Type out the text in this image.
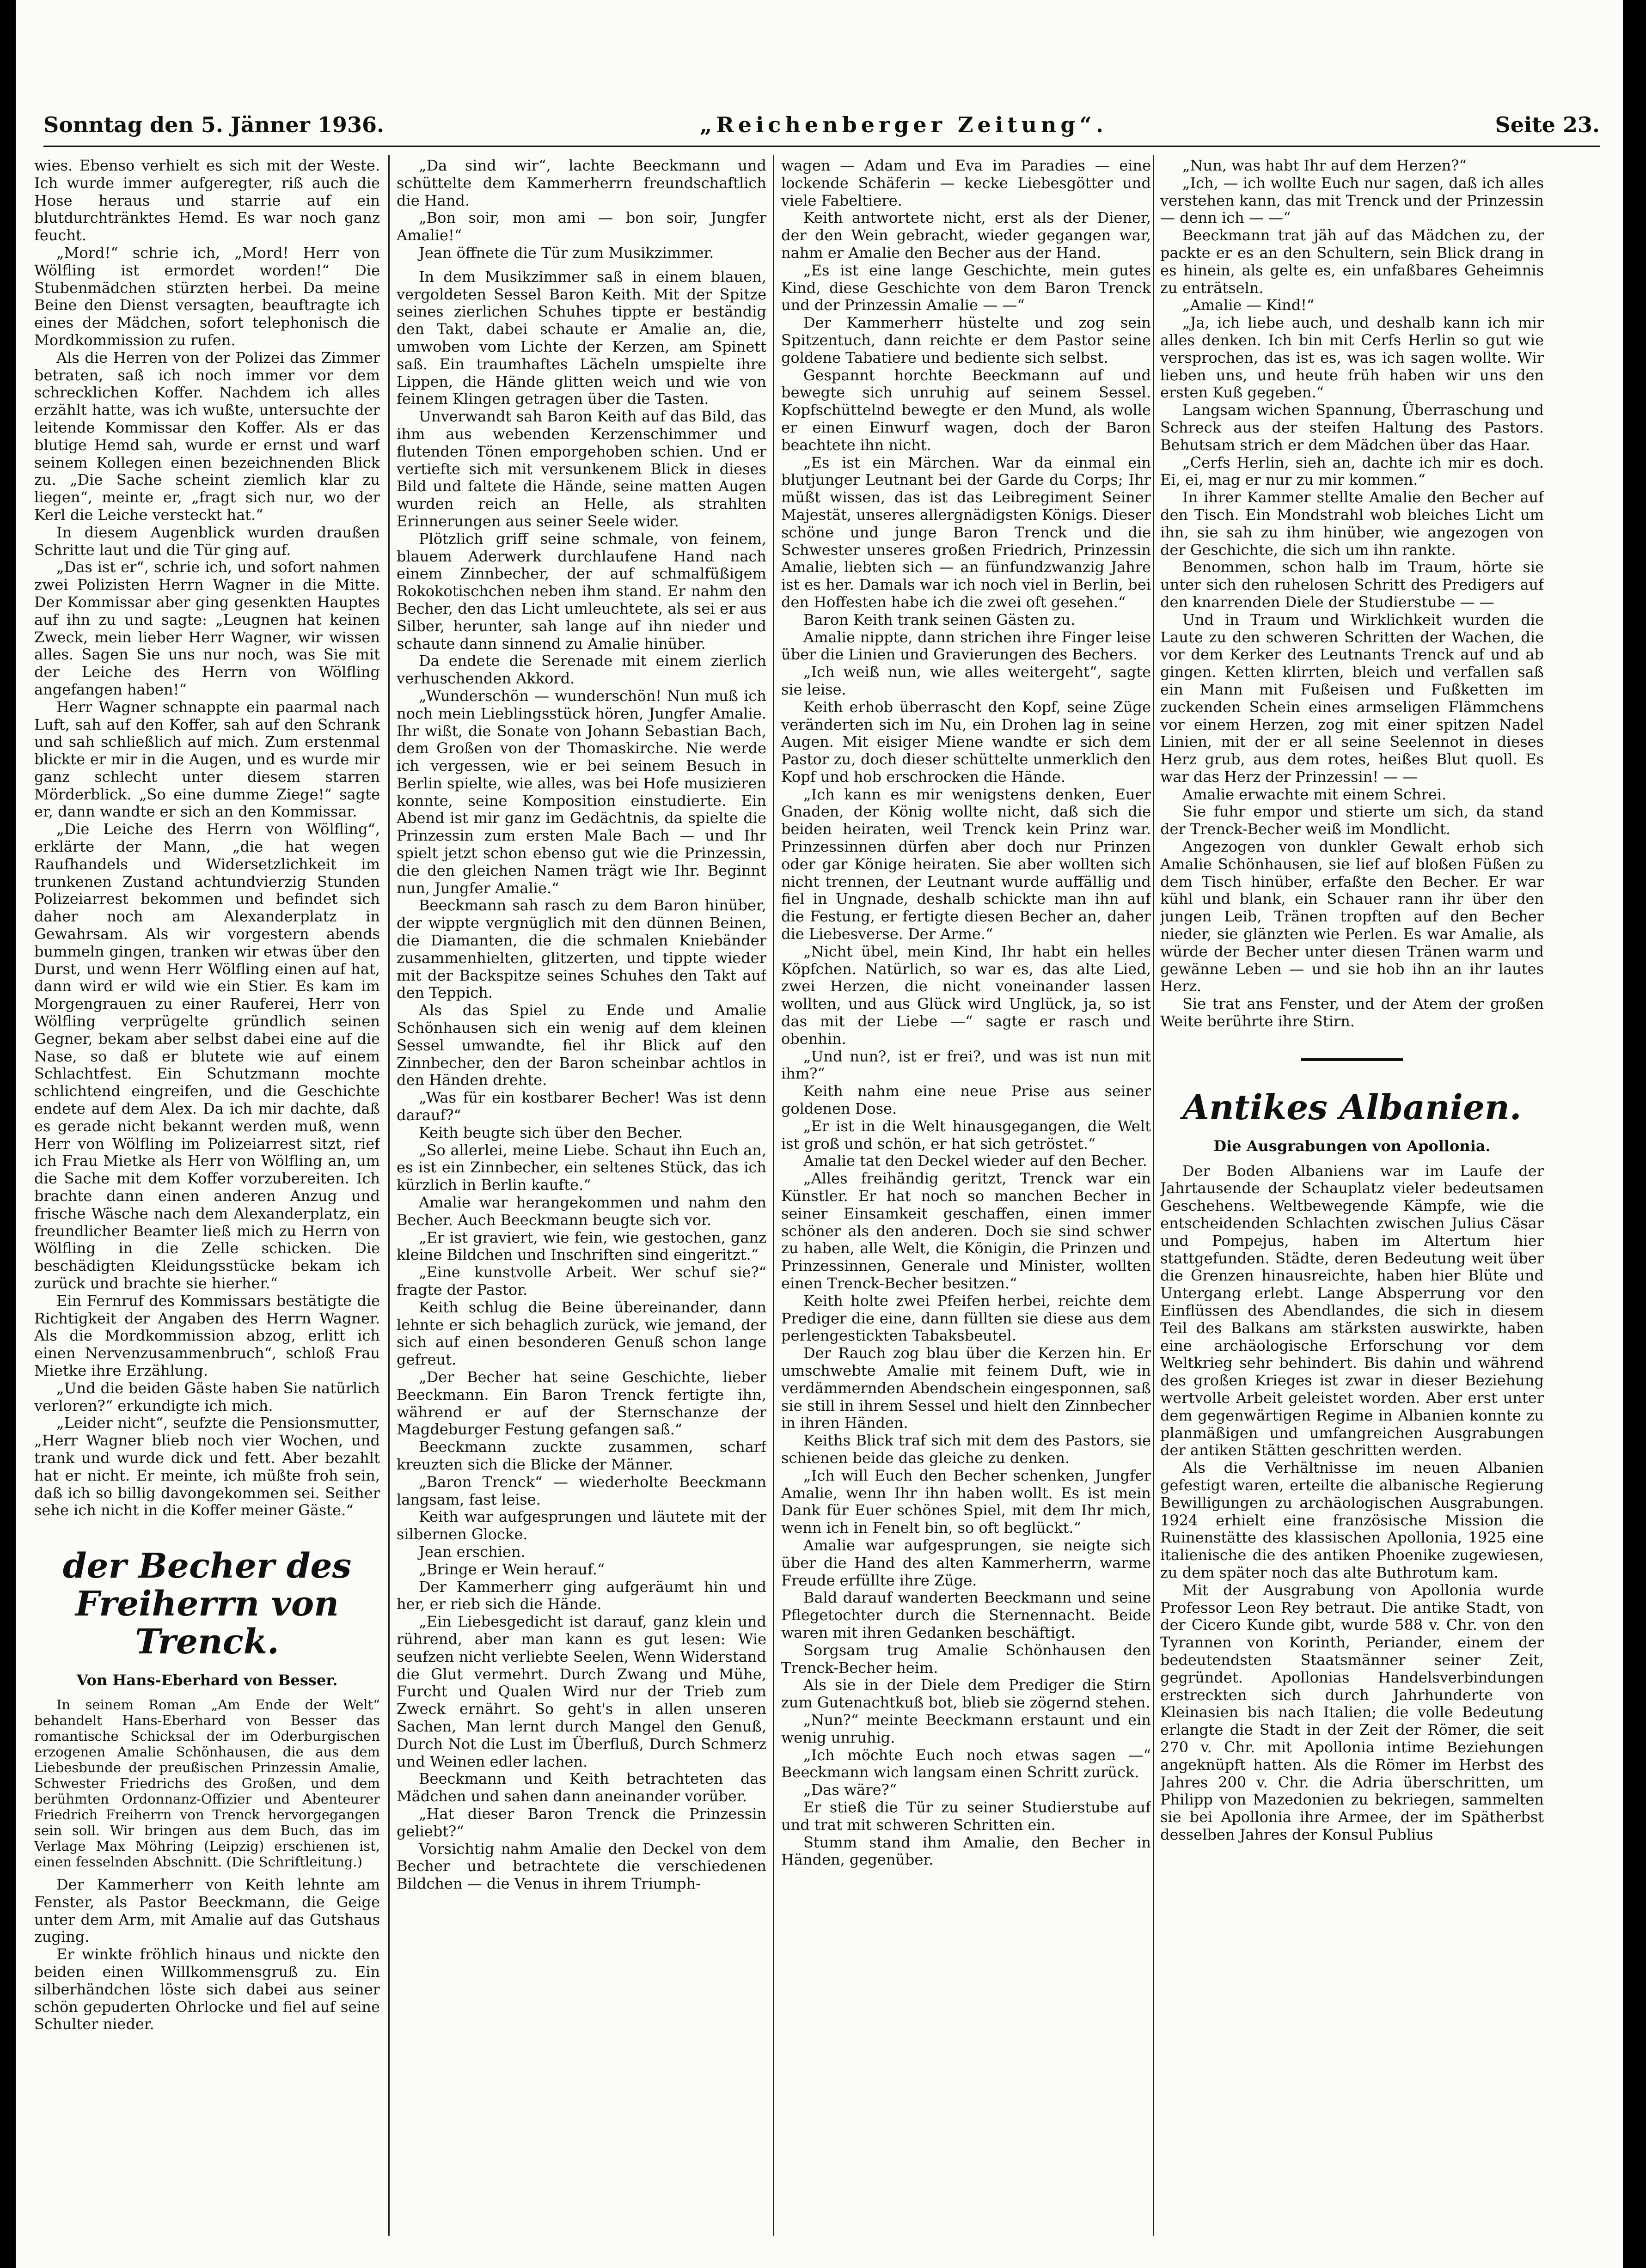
Sonntag den 5. Jänner 1936.	„Reichenberger Zeitung“.	Seite 23.

wies. Ebenso verhielt es sich mit der Weste. Ich wurde immer aufgeregter, riß auch die Hose heraus und starrie auf ein blutdurchtränktes Hemd. Es war noch ganz feucht.

„Mord!“ schrie ich, „Mord! Herr von Wölfling ist ermordet worden!“ Die Stubenmädchen stürzten herbei. Da meine Beine den Dienst versagten, beauftragte ich eines der Mädchen, sofort telephonisch die Mordkommission zu rufen.

Als die Herren von der Polizei das Zimmer betraten, saß ich noch immer vor dem schrecklichen Koffer. Nachdem ich alles erzählt hatte, was ich wußte, untersuchte der leitende Kommissar den Koffer. Als er das blutige Hemd sah, wurde er ernst und warf seinem Kollegen einen bezeichnenden Blick zu. „Die Sache scheint ziemlich klar zu liegen“, meinte er, „fragt sich nur, wo der Kerl die Leiche versteckt hat.“

In diesem Augenblick wurden draußen Schritte laut und die Tür ging auf.

„Das ist er“, schrie ich, und sofort nahmen zwei Polizisten Herrn Wagner in die Mitte. Der Kommissar aber ging gesenkten Hauptes auf ihn zu und sagte: „Leugnen hat keinen Zweck, mein lieber Herr Wagner, wir wissen alles. Sagen Sie uns nur noch, was Sie mit der Leiche des Herrn von Wölfling angefangen haben!“

Herr Wagner schnappte ein paarmal nach Luft, sah auf den Koffer, sah auf den Schrank und sah schließlich auf mich. Zum erstenmal blickte er mir in die Augen, und es wurde mir ganz schlecht unter diesem starren Mörderblick. „So eine dumme Ziege!“ sagte er, dann wandte er sich an den Kommissar.

„Die Leiche des Herrn von Wölfling“, erklärte der Mann, „die hat wegen Raufhandels und Widersetzlichkeit im trunkenen Zustand achtundvierzig Stunden Polizeiarrest bekommen und befindet sich daher noch am Alexanderplatz in Gewahrsam. Als wir vorgestern abends bummeln gingen, tranken wir etwas über den Durst, und wenn Herr Wölfling einen auf hat, dann wird er wild wie ein Stier. Es kam im Morgengrauen zu einer Rauferei, Herr von Wölfling verprügelte gründlich seinen Gegner, bekam aber selbst dabei eine auf die Nase, so daß er blutete wie auf einem Schlachtfest. Ein Schutzmann mochte schlichtend eingreifen, und die Geschichte endete auf dem Alex. Da ich mir dachte, daß es gerade nicht bekannt werden muß, wenn Herr von Wölfling im Polizeiarrest sitzt, rief ich Frau Mietke als Herr von Wölfling an, um die Sache mit dem Koffer vorzubereiten. Ich brachte dann einen anderen Anzug und frische Wäsche nach dem Alexanderplatz, ein freundlicher Beamter ließ mich zu Herrn von Wölfling in die Zelle schicken. Die beschädigten Kleidungsstücke bekam ich zurück und brachte sie hierher.“

Ein Fernruf des Kommissars bestätigte die Richtigkeit der Angaben des Herrn Wagner. Als die Mordkommission abzog, erlitt ich einen Nervenzusammenbruch“, schloß Frau Mietke ihre Erzählung.

„Und die beiden Gäste haben Sie natürlich verloren?“ erkundigte ich mich.

„Leider nicht“, seufzte die Pensionsmutter, „Herr Wagner blieb noch vier Wochen, und trank und wurde dick und fett. Aber bezahlt hat er nicht. Er meinte, ich müßte froh sein, daß ich so billig davongekommen sei. Seither sehe ich nicht in die Koffer meiner Gäste.“

der Becher des Freiherrn von Trenck.
Von Hans-Eberhard von Besser.

In seinem Roman „Am Ende der Welt“ behandelt Hans-Eberhard von Besser das romantische Schicksal der im Oderburgischen erzogenen Amalie Schönhausen, die aus dem Liebesbunde der preußischen Prinzessin Amalie, Schwester Friedrichs des Großen, und dem berühmten Ordonnanz-Offizier und Abenteurer Friedrich Freiherrn von Trenck hervorgegangen sein soll. Wir bringen aus dem Buch, das im Verlage Max Möhring (Leipzig) erschienen ist, einen fesselnden Abschnitt. (Die Schriftleitung.)

Der Kammerherr von Keith lehnte am Fenster, als Pastor Beeckmann, die Geige unter dem Arm, mit Amalie auf das Gutshaus zuging.

Er winkte fröhlich hinaus und nickte den beiden einen Willkommensgruß zu. Ein silberhändchen löste sich dabei aus seiner schön gepuderten Ohrlocke und fiel auf seine Schulter nieder.

„Da sind wir“, lachte Beeckmann und schüttelte dem Kammerherrn freundschaftlich die Hand.

„Bon soir, mon ami — bon soir, Jungfer Amalie!“

Jean öffnete die Tür zum Musikzimmer.

In dem Musikzimmer saß in einem blauen, vergoldeten Sessel Baron Keith. Mit der Spitze seines zierlichen Schuhes tippte er beständig den Takt, dabei schaute er Amalie an, die, umwoben vom Lichte der Kerzen, am Spinett saß. Ein traumhaftes Lächeln umspielte ihre Lippen, die Hände glitten weich und wie von feinem Klingen getragen über die Tasten.

Unverwandt sah Baron Keith auf das Bild, das ihm aus webenden Kerzenschimmer und flutenden Tönen emporgehoben schien. Und er vertiefte sich mit versunkenem Blick in dieses Bild und faltete die Hände, seine matten Augen wurden reich an Helle, als strahlten Erinnerungen aus seiner Seele wider.

Plötzlich griff seine schmale, von feinem, blauem Aderwerk durchlaufene Hand nach einem Zinnbecher, der auf schmalfüßigem Rokokotischchen neben ihm stand. Er nahm den Becher, den das Licht umleuchtete, als sei er aus Silber, herunter, sah lange auf ihn nieder und schaute dann sinnend zu Amalie hinüber.

Da endete die Serenade mit einem zierlich verhuschenden Akkord.

„Wunderschön — wunderschön! Nun muß ich noch mein Lieblingsstück hören, Jungfer Amalie. Ihr wißt, die Sonate von Johann Sebastian Bach, dem Großen von der Thomaskirche. Nie werde ich vergessen, wie er bei seinem Besuch in Berlin spielte, wie alles, was bei Hofe musizieren konnte, seine Komposition einstudierte. Ein Abend ist mir ganz im Gedächtnis, da spielte die Prinzessin zum ersten Male Bach — und Ihr spielt jetzt schon ebenso gut wie die Prinzessin, die den gleichen Namen trägt wie Ihr. Beginnt nun, Jungfer Amalie.“

Beeckmann sah rasch zu dem Baron hinüber, der wippte vergnüglich mit den dünnen Beinen, die Diamanten, die die schmalen Kniebänder zusammenhielten, glitzerten, und tippte wieder mit der Backspitze seines Schuhes den Takt auf den Teppich.

Als das Spiel zu Ende und Amalie Schönhausen sich ein wenig auf dem kleinen Sessel umwandte, fiel ihr Blick auf den Zinnbecher, den der Baron scheinbar achtlos in den Händen drehte.

„Was für ein kostbarer Becher! Was ist denn darauf?“

Keith beugte sich über den Becher.

„So allerlei, meine Liebe. Schaut ihn Euch an, es ist ein Zinnbecher, ein seltenes Stück, das ich kürzlich in Berlin kaufte.“

Amalie war herangekommen und nahm den Becher. Auch Beeckmann beugte sich vor.

„Er ist graviert, wie fein, wie gestochen, ganz kleine Bildchen und Inschriften sind eingeritzt.“

„Eine kunstvolle Arbeit. Wer schuf sie?“ fragte der Pastor.

Keith schlug die Beine übereinander, dann lehnte er sich behaglich zurück, wie jemand, der sich auf einen besonderen Genuß schon lange gefreut.

„Der Becher hat seine Geschichte, lieber Beeckmann. Ein Baron Trenck fertigte ihn, während er auf der Sternschanze der Magdeburger Festung gefangen saß.“

Beeckmann zuckte zusammen, scharf kreuzten sich die Blicke der Männer.

„Baron Trenck“ — wiederholte Beeckmann langsam, fast leise.

Keith war aufgesprungen und läutete mit der silbernen Glocke.

Jean erschien.

„Bringe er Wein herauf.“

Der Kammerherr ging aufgeräumt hin und her, er rieb sich die Hände.

„Ein Liebesgedicht ist darauf, ganz klein und rührend, aber man kann es gut lesen: Wie seufzen nicht verliebte Seelen, Wenn Widerstand die Glut vermehrt. Durch Zwang und Mühe, Furcht und Qualen Wird nur der Trieb zum Zweck ernährt. So geht's in allen unseren Sachen, Man lernt durch Mangel den Genuß, Durch Not die Lust im Überfluß, Durch Schmerz und Weinen edler lachen.

Beeckmann und Keith betrachteten das Mädchen und sahen dann aneinander vorüber.

„Hat dieser Baron Trenck die Prinzessin geliebt?“

Vorsichtig nahm Amalie den Deckel von dem Becher und betrachtete die verschiedenen Bildchen — die Venus in ihrem Triumph-

wagen — Adam und Eva im Paradies — eine lockende Schäferin — kecke Liebesgötter und viele Fabeltiere.

Keith antwortete nicht, erst als der Diener, der den Wein gebracht, wieder gegangen war, nahm er Amalie den Becher aus der Hand.

„Es ist eine lange Geschichte, mein gutes Kind, diese Geschichte von dem Baron Trenck und der Prinzessin Amalie — —“

Der Kammerherr hüstelte und zog sein Spitzentuch, dann reichte er dem Pastor seine goldene Tabatiere und bediente sich selbst.

Gespannt horchte Beeckmann auf und bewegte sich unruhig auf seinem Sessel. Kopfschüttelnd bewegte er den Mund, als wolle er einen Einwurf wagen, doch der Baron beachtete ihn nicht.

„Es ist ein Märchen. War da einmal ein blutjunger Leutnant bei der Garde du Corps; Ihr müßt wissen, das ist das Leibregiment Seiner Majestät, unseres allergnädigsten Königs. Dieser schöne und junge Baron Trenck und die Schwester unseres großen Friedrich, Prinzessin Amalie, liebten sich — an fünfundzwanzig Jahre ist es her. Damals war ich noch viel in Berlin, bei den Hoffesten habe ich die zwei oft gesehen.“

Baron Keith trank seinen Gästen zu.

Amalie nippte, dann strichen ihre Finger leise über die Linien und Gravierungen des Bechers.

„Ich weiß nun, wie alles weitergeht“, sagte sie leise.

Keith erhob überrascht den Kopf, seine Züge veränderten sich im Nu, ein Drohen lag in seine Augen. Mit eisiger Miene wandte er sich dem Pastor zu, doch dieser schüttelte unmerklich den Kopf und hob erschrocken die Hände.

„Ich kann es mir wenigstens denken, Euer Gnaden, der König wollte nicht, daß sich die beiden heiraten, weil Trenck kein Prinz war. Prinzessinnen dürfen aber doch nur Prinzen oder gar Könige heiraten. Sie aber wollten sich nicht trennen, der Leutnant wurde auffällig und fiel in Ungnade, deshalb schickte man ihn auf die Festung, er fertigte diesen Becher an, daher die Liebesverse. Der Arme.“

„Nicht übel, mein Kind, Ihr habt ein helles Köpfchen. Natürlich, so war es, das alte Lied, zwei Herzen, die nicht voneinander lassen wollten, und aus Glück wird Unglück, ja, so ist das mit der Liebe —“ sagte er rasch und obenhin.

„Und nun?, ist er frei?, und was ist nun mit ihm?“

Keith nahm eine neue Prise aus seiner goldenen Dose.

„Er ist in die Welt hinausgegangen, die Welt ist groß und schön, er hat sich getröstet.“

Amalie tat den Deckel wieder auf den Becher.

„Alles freihändig geritzt, Trenck war ein Künstler. Er hat noch so manchen Becher in seiner Einsamkeit geschaffen, einen immer schöner als den anderen. Doch sie sind schwer zu haben, alle Welt, die Königin, die Prinzen und Prinzessinnen, Generale und Minister, wollten einen Trenck-Becher besitzen.“

Keith holte zwei Pfeifen herbei, reichte dem Prediger die eine, dann füllten sie diese aus dem perlengestickten Tabaksbeutel.

Der Rauch zog blau über die Kerzen hin. Er umschwebte Amalie mit feinem Duft, wie in verdämmernden Abendschein eingesponnen, saß sie still in ihrem Sessel und hielt den Zinnbecher in ihren Händen.

Keiths Blick traf sich mit dem des Pastors, sie schienen beide das gleiche zu denken.

„Ich will Euch den Becher schenken, Jungfer Amalie, wenn Ihr ihn haben wollt. Es ist mein Dank für Euer schönes Spiel, mit dem Ihr mich, wenn ich in Fenelt bin, so oft beglückt.“

Amalie war aufgesprungen, sie neigte sich über die Hand des alten Kammerherrn, warme Freude erfüllte ihre Züge.

Bald darauf wanderten Beeckmann und seine Pflegetochter durch die Sternennacht. Beide waren mit ihren Gedanken beschäftigt.

Sorgsam trug Amalie Schönhausen den Trenck-Becher heim.

Als sie in der Diele dem Prediger die Stirn zum Gutenachtkuß bot, blieb sie zögernd stehen.

„Nun?“ meinte Beeckmann erstaunt und ein wenig unruhig.

„Ich möchte Euch noch etwas sagen —“ Beeckmann wich langsam einen Schritt zurück.

„Das wäre?“

Er stieß die Tür zu seiner Studierstube auf und trat mit schweren Schritten ein.

Stumm stand ihm Amalie, den Becher in Händen, gegenüber.

„Nun, was habt Ihr auf dem Herzen?“

„Ich, — ich wollte Euch nur sagen, daß ich alles verstehen kann, das mit Trenck und der Prinzessin — denn ich — —“

Beeckmann trat jäh auf das Mädchen zu, der packte er es an den Schultern, sein Blick drang in es hinein, als gelte es, ein unfaßbares Geheimnis zu enträtseln.

„Amalie — Kind!“

„Ja, ich liebe auch, und deshalb kann ich mir alles denken. Ich bin mit Cerfs Herlin so gut wie versprochen, das ist es, was ich sagen wollte. Wir lieben uns, und heute früh haben wir uns den ersten Kuß gegeben.“

Langsam wichen Spannung, Überraschung und Schreck aus der steifen Haltung des Pastors. Behutsam strich er dem Mädchen über das Haar.

„Cerfs Herlin, sieh an, dachte ich mir es doch. Ei, ei, mag er nur zu mir kommen.“

In ihrer Kammer stellte Amalie den Becher auf den Tisch. Ein Mondstrahl wob bleiches Licht um ihn, sie sah zu ihm hinüber, wie angezogen von der Geschichte, die sich um ihn rankte.

Benommen, schon halb im Traum, hörte sie unter sich den ruhelosen Schritt des Predigers auf den knarrenden Diele der Studierstube — —

Und in Traum und Wirklichkeit wurden die Laute zu den schweren Schritten der Wachen, die vor dem Kerker des Leutnants Trenck auf und ab gingen. Ketten klirrten, bleich und verfallen saß ein Mann mit Fußeisen und Fußketten im zuckenden Schein eines armseligen Flämmchens vor einem Herzen, zog mit einer spitzen Nadel Linien, mit der er all seine Seelennot in dieses Herz grub, aus dem rotes, heißes Blut quoll. Es war das Herz der Prinzessin! — —

Amalie erwachte mit einem Schrei.

Sie fuhr empor und stierte um sich, da stand der Trenck-Becher weiß im Mondlicht.

Angezogen von dunkler Gewalt erhob sich Amalie Schönhausen, sie lief auf bloßen Füßen zu dem Tisch hinüber, erfaßte den Becher. Er war kühl und blank, ein Schauer rann ihr über den jungen Leib, Tränen tropften auf den Becher nieder, sie glänzten wie Perlen. Es war Amalie, als würde der Becher unter diesen Tränen warm und gewänne Leben — und sie hob ihn an ihr lautes Herz.

Sie trat ans Fenster, und der Atem der großen Weite berührte ihre Stirn.

Antikes Albanien.
Die Ausgrabungen von Apollonia.

Der Boden Albaniens war im Laufe der Jahrtausende der Schauplatz vieler bedeutsamen Geschehens. Weltbewegende Kämpfe, wie die entscheidenden Schlachten zwischen Julius Cäsar und Pompejus, haben im Altertum hier stattgefunden. Städte, deren Bedeutung weit über die Grenzen hinausreichte, haben hier Blüte und Untergang erlebt. Lange Absperrung vor den Einflüssen des Abendlandes, die sich in diesem Teil des Balkans am stärksten auswirkte, haben eine archäologische Erforschung vor dem Weltkrieg sehr behindert. Bis dahin und während des großen Krieges ist zwar in dieser Beziehung wertvolle Arbeit geleistet worden. Aber erst unter dem gegenwärtigen Regime in Albanien konnte zu planmäßigen und umfangreichen Ausgrabungen der antiken Stätten geschritten werden.

Als die Verhältnisse im neuen Albanien gefestigt waren, erteilte die albanische Regierung Bewilligungen zu archäologischen Ausgrabungen. 1924 erhielt eine französische Mission die Ruinenstätte des klassischen Apollonia, 1925 eine italienische die des antiken Phoenike zugewiesen, zu dem später noch das alte Buthrotum kam.

Mit der Ausgrabung von Apollonia wurde Professor Leon Rey betraut. Die antike Stadt, von der Cicero Kunde gibt, wurde 588 v. Chr. von den Tyrannen von Korinth, Periander, einem der bedeutendsten Staatsmänner seiner Zeit, gegründet. Apollonias Handelsverbindungen erstreckten sich durch Jahrhunderte von Kleinasien bis nach Italien; die volle Bedeutung erlangte die Stadt in der Zeit der Römer, die seit 270 v. Chr. mit Apollonia intime Beziehungen angeknüpft hatten. Als die Römer im Herbst des Jahres 200 v. Chr. die Adria überschritten, um Philipp von Mazedonien zu bekriegen, sammelten sie bei Apollonia ihre Armee, der im Spätherbst desselben Jahres der Konsul Publius
